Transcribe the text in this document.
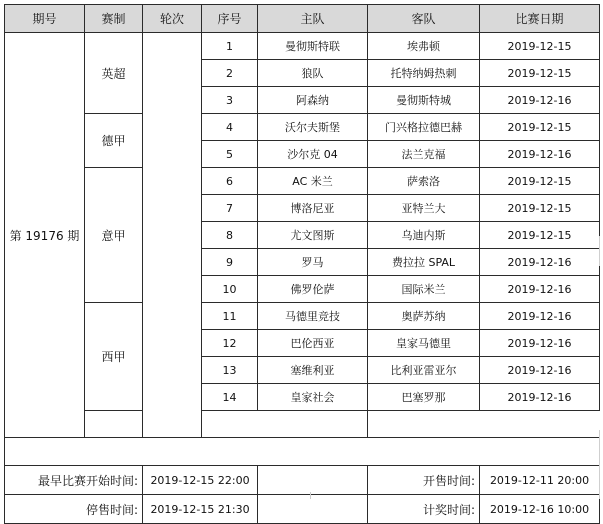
期号	赛制	轮次	序号	主队	客队	比赛日期
第 19176 期	英超		1	曼彻斯特联	埃弗顿	2019-12-15
			2	狼队	托特纳姆热刺	2019-12-15
			3	阿森纳	曼彻斯特城	2019-12-16
	德甲		4	沃尔夫斯堡	门兴格拉德巴赫	2019-12-15
			5	沙尔克 04	法兰克福	2019-12-16
	意甲		6	AC 米兰	萨索洛	2019-12-15
			7	博洛尼亚	亚特兰大	2019-12-15
			8	尤文图斯	乌迪内斯	2019-12-15
			9	罗马	费拉拉 SPAL	2019-12-16
			10	佛罗伦萨	国际米兰	2019-12-16
	西甲		11	马德里竞技	奥萨苏纳	2019-12-16
			12	巴伦西亚	皇家马德里	2019-12-16
			13	塞维利亚	比利亚雷亚尔	2019-12-16
			14	皇家社会	巴塞罗那	2019-12-16

最早比赛开始时间:		2019-12-15 22:00			开售时间:	2019-12-11 20:00
停售时间:		2019-12-15 21:30			计奖时间:	2019-12-16 10:00
